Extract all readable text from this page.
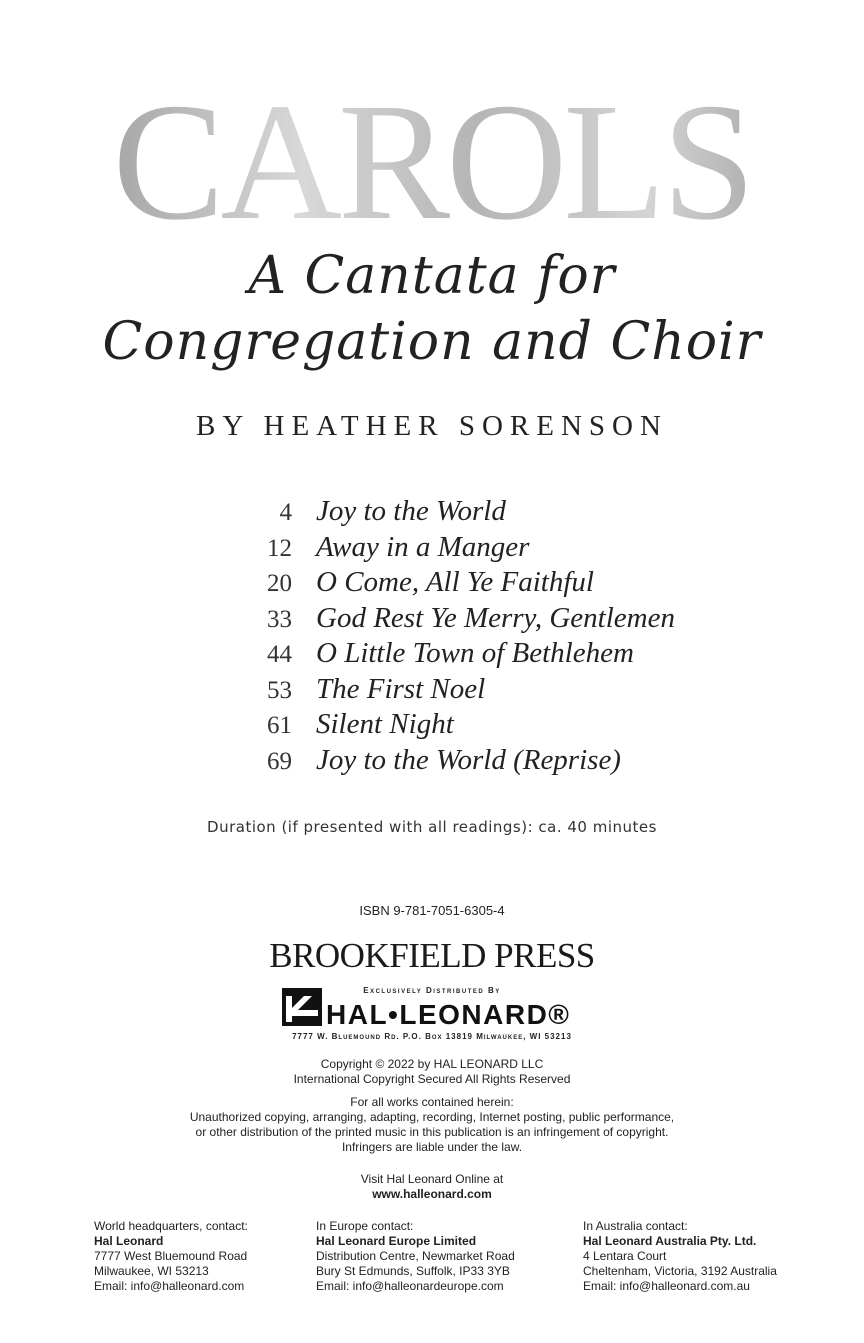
CAROLS
A Cantata for
Congregation and Choir
BY HEATHER SORENSON
4 Joy to the World
12 Away in a Manger
20 O Come, All Ye Faithful
33 God Rest Ye Merry, Gentlemen
44 O Little Town of Bethlehem
53 The First Noel
61 Silent Night
69 Joy to the World (Reprise)
Duration (if presented with all readings): ca. 40 minutes
ISBN 9-781-7051-6305-4
BROOKFIELD PRESS
Exclusively Distributed By
HAL•LEONARD®
7777 W. Bluemound Rd. P.O. Box 13819 Milwaukee, WI 53213
Copyright © 2022 by HAL LEONARD LLC
International Copyright Secured All Rights Reserved
For all works contained herein:
Unauthorized copying, arranging, adapting, recording, Internet posting, public performance,
or other distribution of the printed music in this publication is an infringement of copyright.
Infringers are liable under the law.
Visit Hal Leonard Online at
www.halleonard.com
World headquarters, contact:
Hal Leonard
7777 West Bluemound Road
Milwaukee, WI 53213
Email: info@halleonard.com
In Europe contact:
Hal Leonard Europe Limited
Distribution Centre, Newmarket Road
Bury St Edmunds, Suffolk, IP33 3YB
Email: info@halleonardeurope.com
In Australia contact:
Hal Leonard Australia Pty. Ltd.
4 Lentara Court
Cheltenham, Victoria, 3192 Australia
Email: info@halleonard.com.au
